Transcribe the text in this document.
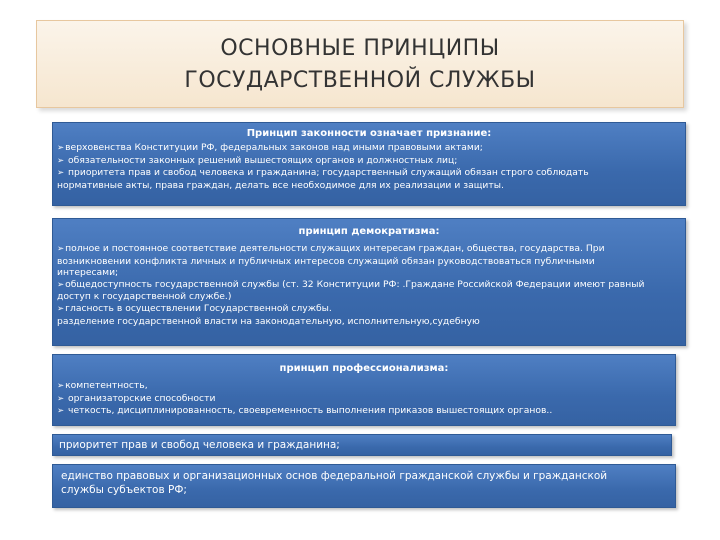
ОСНОВНЫЕ ПРИНЦИПЫ
ГОСУДАРСТВЕННОЙ СЛУЖБЫ
Принцип законности означает признание:
➢верховенства Конституции РФ, федеральных законов над иными правовыми актами;
➢ обязательности законных решений вышестоящих органов и должностных лиц;
➢ приоритета прав и свобод человека и гражданина; государственный служащий обязан строго соблюдать
нормативные акты, права граждан, делать все необходимое для их реализации и защиты.
принцип демократизма:
➢полное и постоянное соответствие деятельности служащих интересам граждан, общества, государства. При
возникновении конфликта личных и публичных интересов служащий обязан руководствоваться публичными
интересами;
➢общедоступность государственной службы (ст. 32 Конституции РФ: .Граждане Российской Федерации имеют равный
доступ к государственной службе.)
➢гласность в осуществлении Государственной службы.
разделение государственной власти на законодательную, исполнительную,судебную
принцип профессионализма:
➢компетентность,
➢ организаторские способности
➢ четкость, дисциплинированность, своевременность выполнения приказов вышестоящих органов..
приоритет прав и свобод человека и гражданина;
единство правовых и организационных основ федеральной гражданской службы и гражданской
службы субъектов РФ;
